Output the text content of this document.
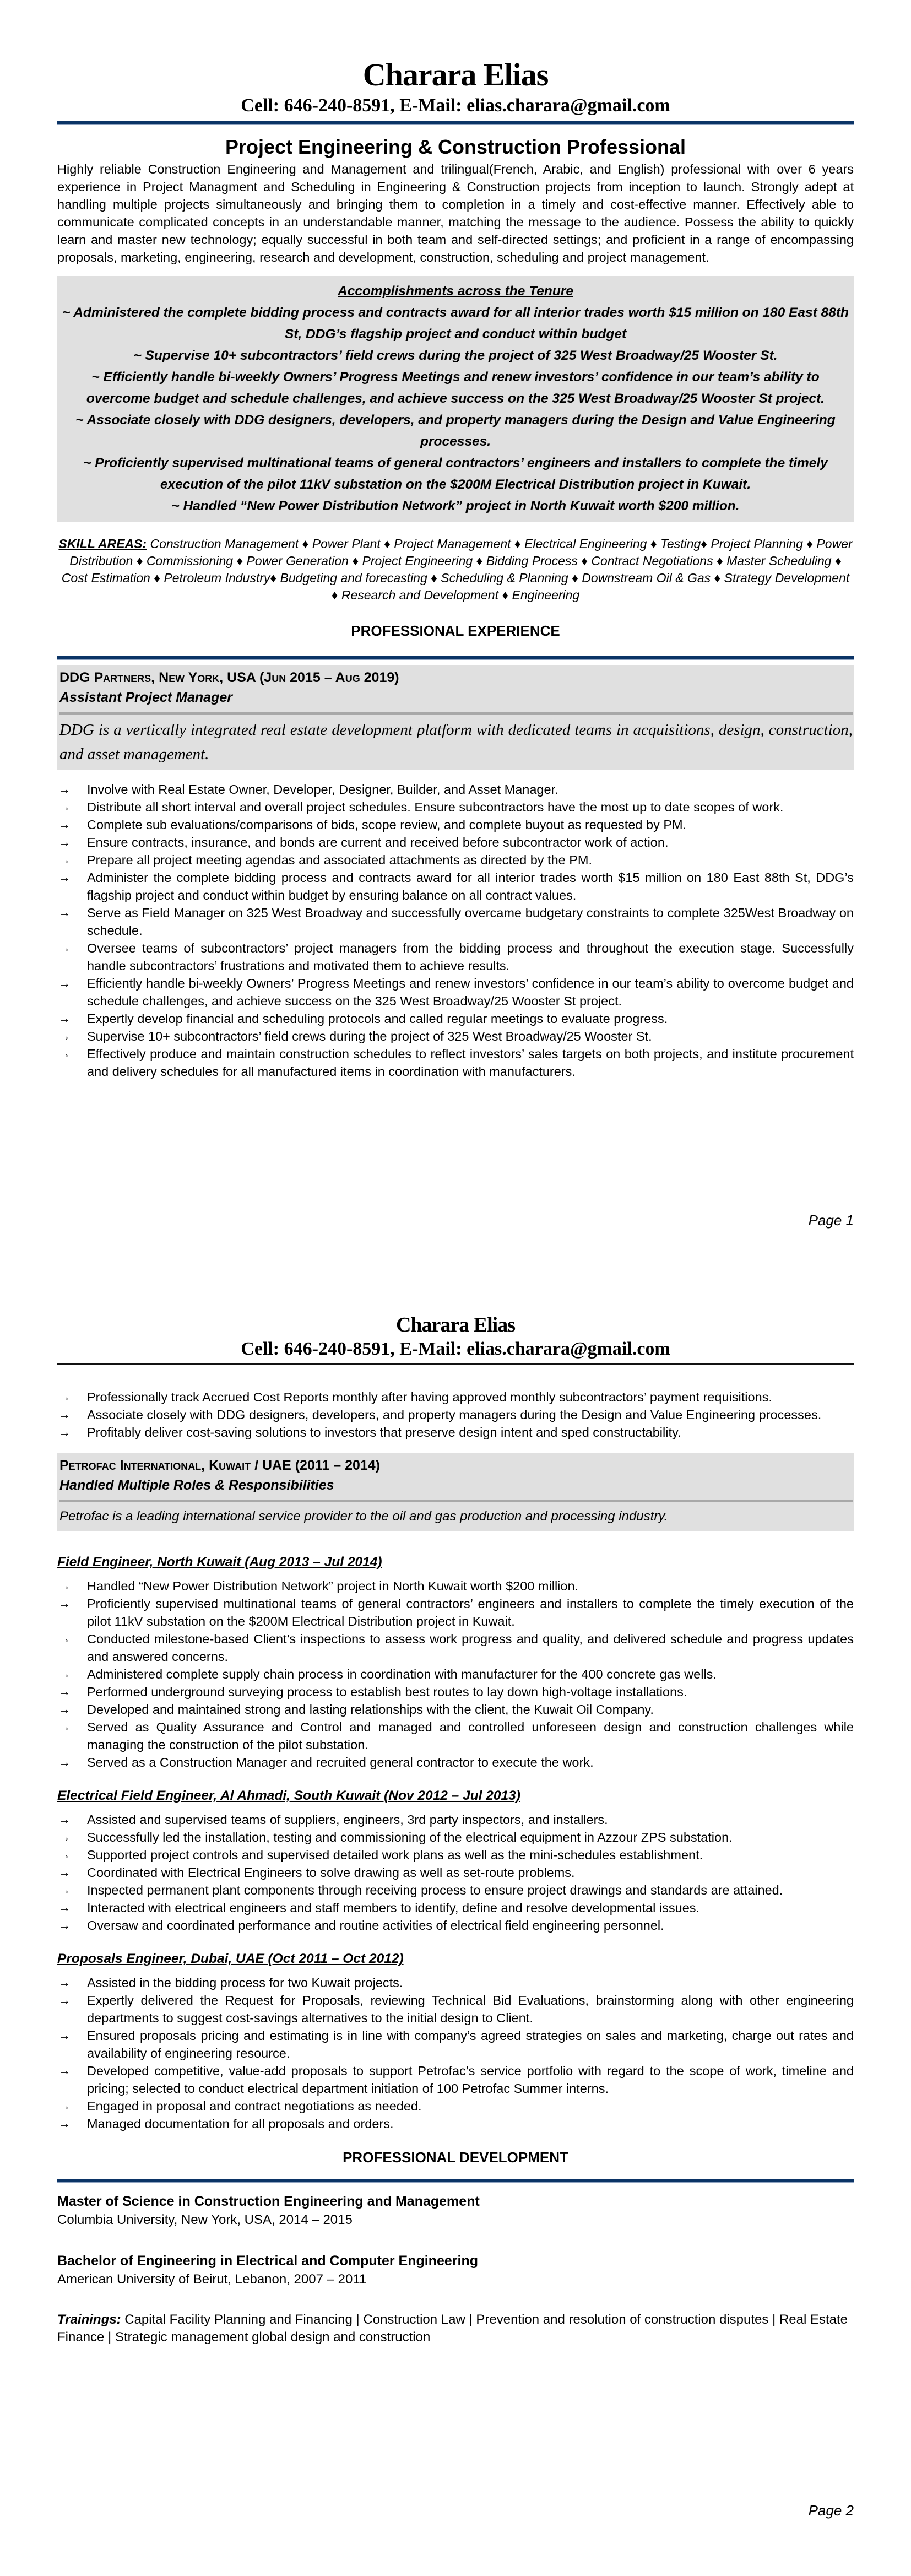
Charara Elias
Cell: 646-240-8591, E-Mail: elias.charara@gmail.com
Project Engineering & Construction Professional

Highly reliable Construction Engineering and Management and trilingual(French, Arabic, and English) professional with over 6 years experience in Project Managment and Scheduling in Engineering & Construction projects from inception to launch. Strongly adept at handling multiple projects simultaneously and bringing them to completion in a timely and cost-effective manner. Effectively able to communicate complicated concepts in an understandable manner, matching the message to the audience. Possess the ability to quickly learn and master new technology; equally successful in both team and self-directed settings; and proficient in a range of encompassing proposals, marketing, engineering, research and development, construction, scheduling and project management.

Accomplishments across the Tenure
~ Administered the complete bidding process and contracts award for all interior trades worth $15 million on 180 East 88th St, DDG’s flagship project and conduct within budget
~ Supervise 10+ subcontractors’ field crews during the project of 325 West Broadway/25 Wooster St.
~ Efficiently handle bi-weekly Owners’ Progress Meetings and renew investors’ confidence in our team’s ability to overcome budget and schedule challenges, and achieve success on the 325 West Broadway/25 Wooster St project.
~ Associate closely with DDG designers, developers, and property managers during the Design and Value Engineering processes.
~ Proficiently supervised multinational teams of general contractors’ engineers and installers to complete the timely execution of the pilot 11kV substation on the $200M Electrical Distribution project in Kuwait.
~ Handled “New Power Distribution Network” project in North Kuwait worth $200 million.

SKILL AREAS: Construction Management ♦ Power Plant ♦ Project Management ♦ Electrical Engineering ♦ Testing♦ Project Planning ♦ Power Distribution ♦ Commissioning ♦ Power Generation ♦ Project Engineering ♦ Bidding Process ♦ Contract Negotiations ♦ Master Scheduling ♦ Cost Estimation ♦ Petroleum Industry♦ Budgeting and forecasting ♦ Scheduling & Planning ♦ Downstream Oil & Gas ♦ Strategy Development ♦ Research and Development ♦ Engineering

PROFESSIONAL EXPERIENCE
DDG Partners, New York, USA (Jun 2015 – Aug 2019)
Assistant Project Manager
DDG is a vertically integrated real estate development platform with dedicated teams in acquisitions, design, construction, and asset management.
→ Involve with Real Estate Owner, Developer, Designer, Builder, and Asset Manager.
→ Distribute all short interval and overall project schedules. Ensure subcontractors have the most up to date scopes of work.
→ Complete sub evaluations/comparisons of bids, scope review, and complete buyout as requested by PM.
→ Ensure contracts, insurance, and bonds are current and received before subcontractor work of action.
→ Prepare all project meeting agendas and associated attachments as directed by the PM.
→ Administer the complete bidding process and contracts award for all interior trades worth $15 million on 180 East 88th St, DDG’s flagship project and conduct within budget by ensuring balance on all contract values.
→ Serve as Field Manager on 325 West Broadway and successfully overcame budgetary constraints to complete 325West Broadway on schedule.
→ Oversee teams of subcontractors’ project managers from the bidding process and throughout the execution stage. Successfully handle subcontractors’ frustrations and motivated them to achieve results.
→ Efficiently handle bi-weekly Owners’ Progress Meetings and renew investors’ confidence in our team’s ability to overcome budget and schedule challenges, and achieve success on the 325 West Broadway/25 Wooster St project.
→ Expertly develop financial and scheduling protocols and called regular meetings to evaluate progress.
→ Supervise 10+ subcontractors’ field crews during the project of 325 West Broadway/25 Wooster St.
→ Effectively produce and maintain construction schedules to reflect investors’ sales targets on both projects, and institute procurement and delivery schedules for all manufactured items in coordination with manufacturers.
Page 1
Charara Elias
Cell: 646-240-8591, E-Mail: elias.charara@gmail.com
→ Professionally track Accrued Cost Reports monthly after having approved monthly subcontractors’ payment requisitions.
→ Associate closely with DDG designers, developers, and property managers during the Design and Value Engineering processes.
→ Profitably deliver cost-saving solutions to investors that preserve design intent and sped constructability.
Petrofac International, Kuwait / UAE (2011 – 2014)
Handled Multiple Roles & Responsibilities
Petrofac is a leading international service provider to the oil and gas production and processing industry.
Field Engineer, North Kuwait (Aug 2013 – Jul 2014)
→ Handled “New Power Distribution Network” project in North Kuwait worth $200 million.
→ Proficiently supervised multinational teams of general contractors’ engineers and installers to complete the timely execution of the pilot 11kV substation on the $200M Electrical Distribution project in Kuwait.
→ Conducted milestone-based Client’s inspections to assess work progress and quality, and delivered schedule and progress updates and answered concerns.
→ Administered complete supply chain process in coordination with manufacturer for the 400 concrete gas wells.
→ Performed underground surveying process to establish best routes to lay down high-voltage installations.
→ Developed and maintained strong and lasting relationships with the client, the Kuwait Oil Company.
→ Served as Quality Assurance and Control and managed and controlled unforeseen design and construction challenges while managing the construction of the pilot substation.
→ Served as a Construction Manager and recruited general contractor to execute the work.
Electrical Field Engineer, Al Ahmadi, South Kuwait (Nov 2012 – Jul 2013)
→ Assisted and supervised teams of suppliers, engineers, 3rd party inspectors, and installers.
→ Successfully led the installation, testing and commissioning of the electrical equipment in Azzour ZPS substation.
→ Supported project controls and supervised detailed work plans as well as the mini-schedules establishment.
→ Coordinated with Electrical Engineers to solve drawing as well as set-route problems.
→ Inspected permanent plant components through receiving process to ensure project drawings and standards are attained.
→ Interacted with electrical engineers and staff members to identify, define and resolve developmental issues.
→ Oversaw and coordinated performance and routine activities of electrical field engineering personnel.
Proposals Engineer, Dubai, UAE (Oct 2011 – Oct 2012)
→ Assisted in the bidding process for two Kuwait projects.
→ Expertly delivered the Request for Proposals, reviewing Technical Bid Evaluations, brainstorming along with other engineering departments to suggest cost-savings alternatives to the initial design to Client.
→ Ensured proposals pricing and estimating is in line with company’s agreed strategies on sales and marketing, charge out rates and availability of engineering resource.
→ Developed competitive, value-add proposals to support Petrofac’s service portfolio with regard to the scope of work, timeline and pricing; selected to conduct electrical department initiation of 100 Petrofac Summer interns.
→ Engaged in proposal and contract negotiations as needed.
→ Managed documentation for all proposals and orders.
PROFESSIONAL DEVELOPMENT
Master of Science in Construction Engineering and Management
Columbia University, New York, USA, 2014 – 2015
Bachelor of Engineering in Electrical and Computer Engineering
American University of Beirut, Lebanon, 2007 – 2011

Trainings: Capital Facility Planning and Financing | Construction Law | Prevention and resolution of construction disputes | Real Estate Finance | Strategic management global design and construction

Page 2
